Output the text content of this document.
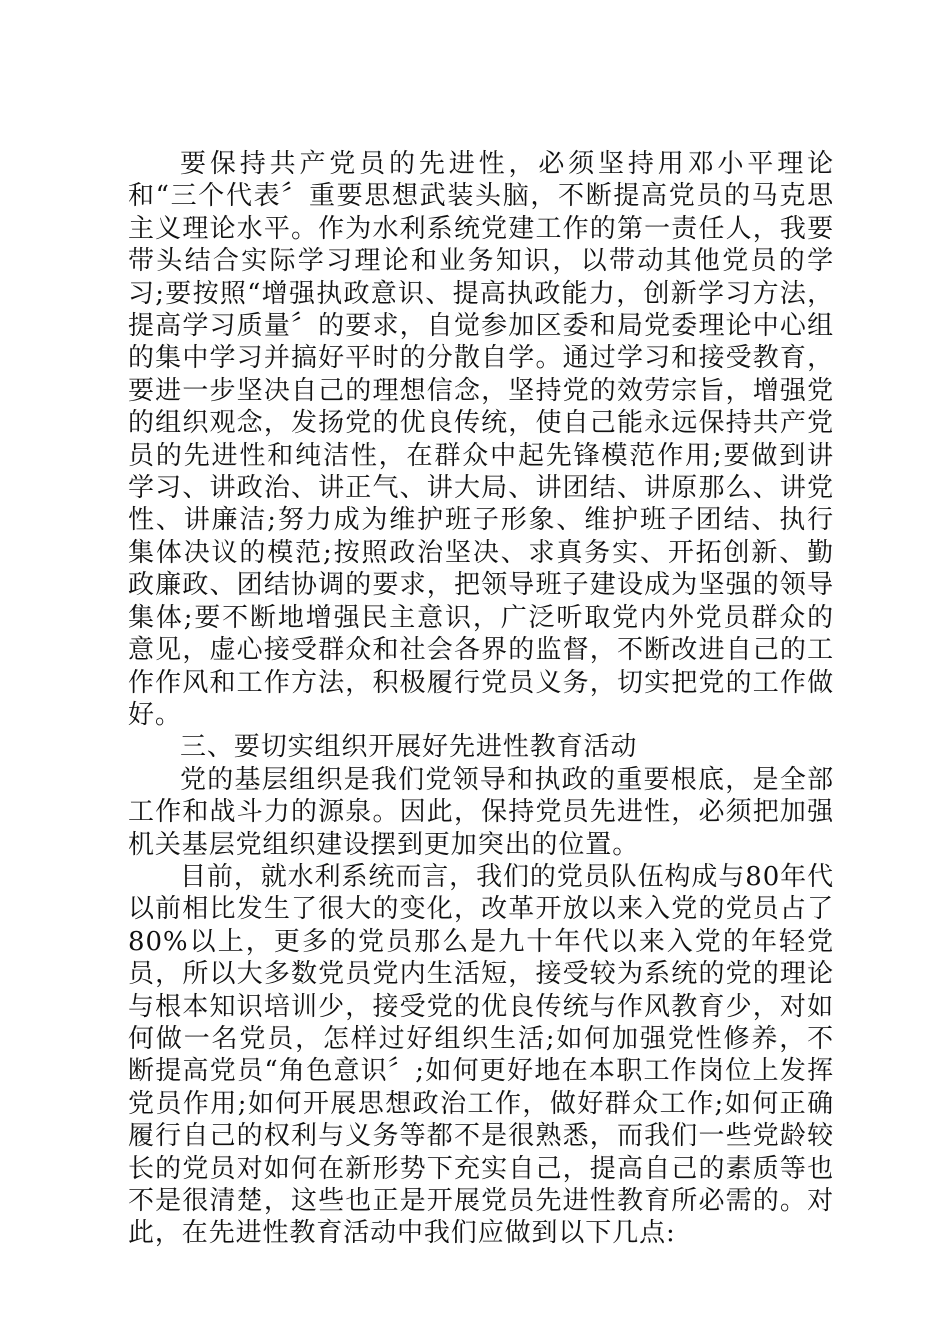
要保持共产党员的先进性，必须坚持用邓小平理论和“三个代表〞重要思想武装头脑，不断提高党员的马克思主义理论水平。作为水利系统党建工作的第一责任人，我要带头结合实际学习理论和业务知识，以带动其他党员的学习;要按照“增强执政意识、提高执政能力，创新学习方法，提高学习质量〞的要求，自觉参加区委和局党委理论中心组的集中学习并搞好平时的分散自学。通过学习和接受教育，要进一步坚决自己的理想信念，坚持党的效劳宗旨，增强党的组织观念，发扬党的优良传统，使自己能永远保持共产党员的先进性和纯洁性，在群众中起先锋模范作用;要做到讲学习、讲政治、讲正气、讲大局、讲团结、讲原那么、讲党性、讲廉洁;努力成为维护班子形象、维护班子团结、执行集体决议的模范;按照政治坚决、求真务实、开拓创新、勤政廉政、团结协调的要求，把领导班子建设成为坚强的领导集体;要不断地增强民主意识，广泛听取党内外党员群众的意见，虚心接受群众和社会各界的监督，不断改进自己的工作作风和工作方法，积极履行党员义务，切实把党的工作做好。

三、要切实组织开展好先进性教育活动

党的基层组织是我们党领导和执政的重要根底，是全部工作和战斗力的源泉。因此，保持党员先进性，必须把加强机关基层党组织建设摆到更加突出的位置。

目前，就水利系统而言，我们的党员队伍构成与80年代以前相比发生了很大的变化，改革开放以来入党的党员占了80%以上，更多的党员那么是九十年代以来入党的年轻党员，所以大多数党员党内生活短，接受较为系统的党的理论与根本知识培训少，接受党的优良传统与作风教育少，对如何做一名党员，怎样过好组织生活;如何加强党性修养，不断提高党员“角色意识〞;如何更好地在本职工作岗位上发挥党员作用;如何开展思想政治工作，做好群众工作;如何正确履行自己的权利与义务等都不是很熟悉，而我们一些党龄较长的党员对如何在新形势下充实自己，提高自己的素质等也不是很清楚，这些也正是开展党员先进性教育所必需的。对此，在先进性教育活动中我们应做到以下几点:
